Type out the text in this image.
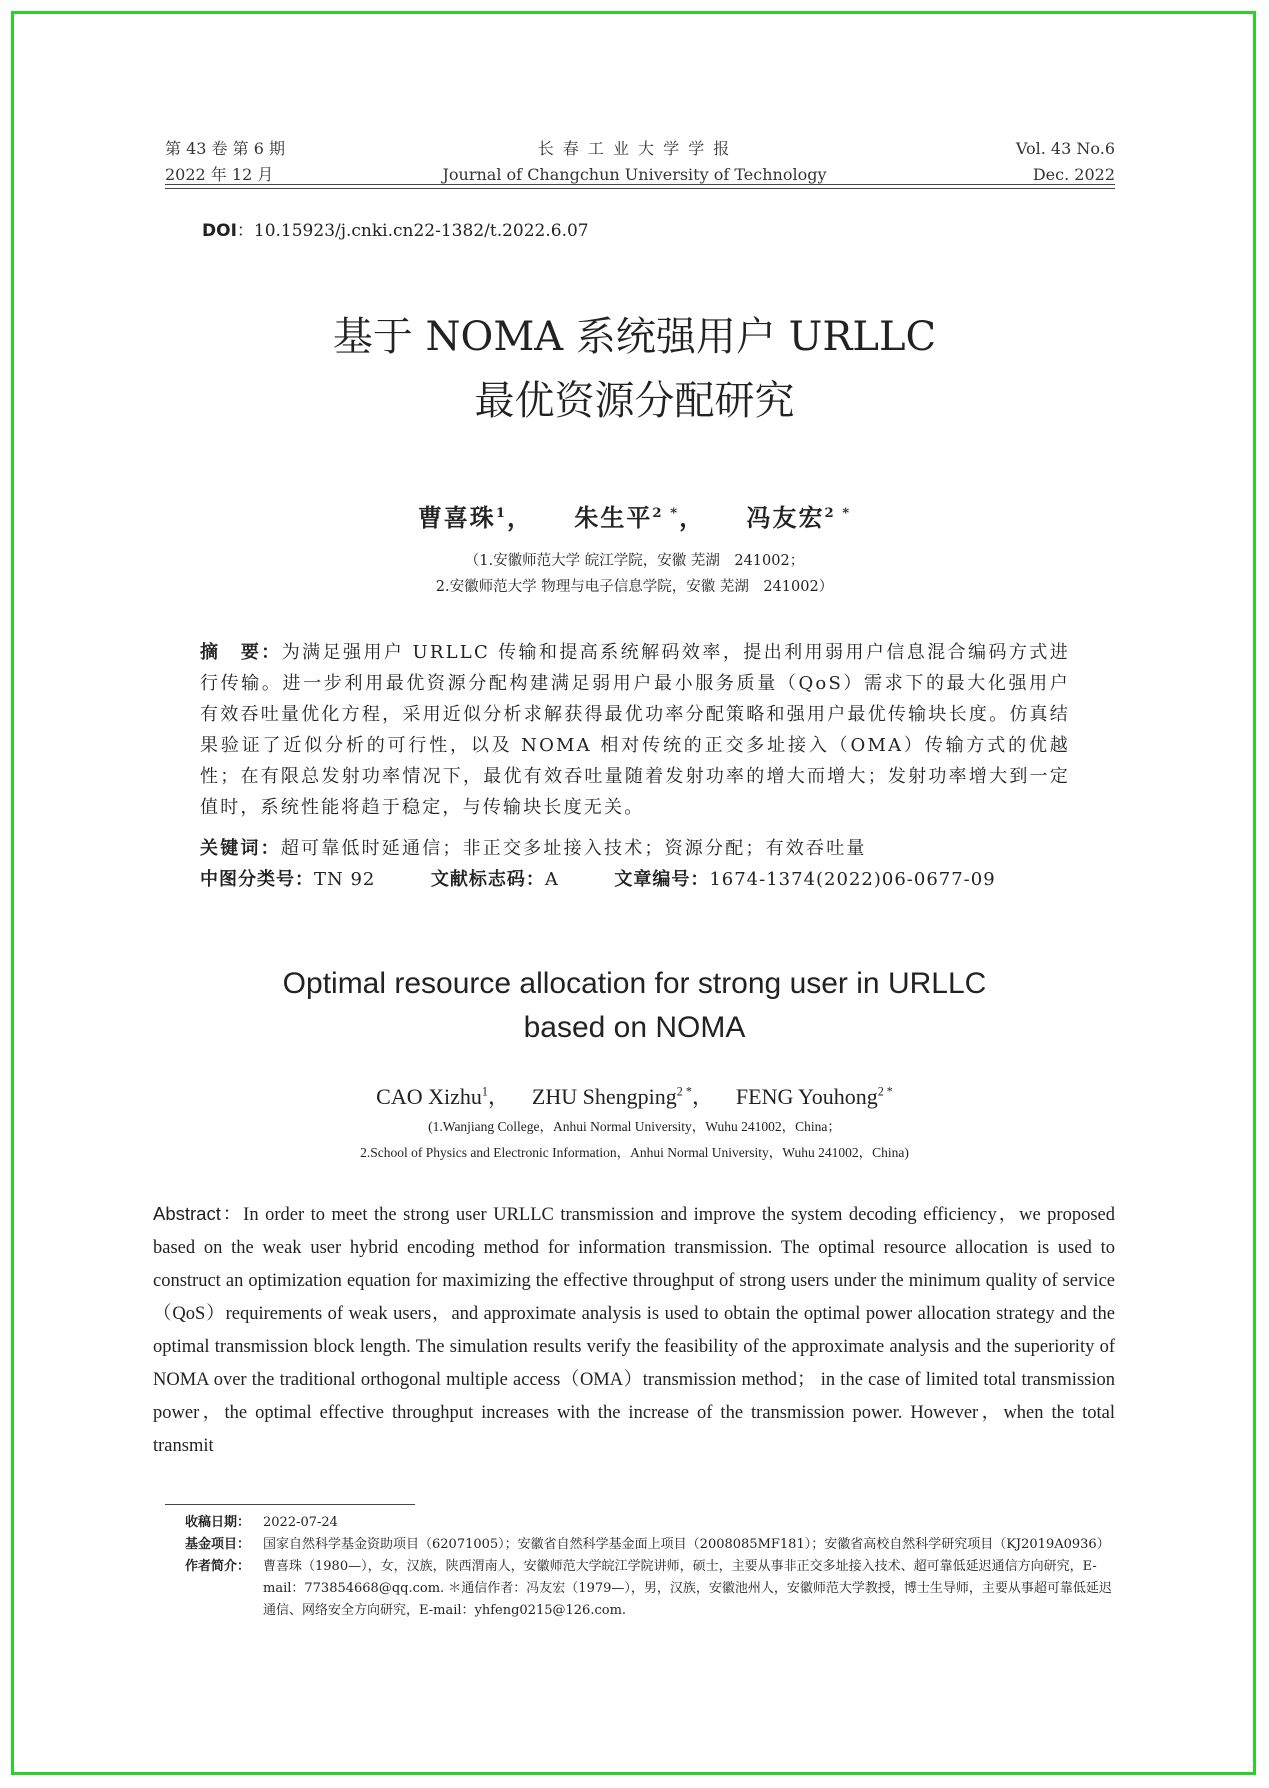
第 43 卷 第 6 期
2022 年 12 月
长 春 工 业 大 学 学 报
Journal of Changchun University of Technology
Vol. 43 No.6
Dec. 2022
DOI：10.15923/j.cnki.cn22-1382/t.2022.6.07
基于 NOMA 系统强用户 URLLC
最优资源分配研究
曹喜珠$^1$， 朱生平$^{2 *}$， 冯友宏$^{2 *}$
（1.安徽师范大学 皖江学院，安徽 芜湖　241002；
2.安徽师范大学 物理与电子信息学院，安徽 芜湖　241002）
摘　要：为满足强用户 URLLC 传输和提高系统解码效率，提出利用弱用户信息混合编码方式进行传输。进一步利用最优资源分配构建满足弱用户最小服务质量（QoS）需求下的最大化强用户有效吞吐量优化方程，采用近似分析求解获得最优功率分配策略和强用户最优传输块长度。仿真结果验证了近似分析的可行性，以及 NOMA 相对传统的正交多址接入（OMA）传输方式的优越性；在有限总发射功率情况下，最优有效吞吐量随着发射功率的增大而增大；发射功率增大到一定值时，系统性能将趋于稳定，与传输块长度无关。
关键词：超可靠低时延通信；非正交多址接入技术；资源分配；有效吞吐量
中图分类号：TN 92	文献标志码：A	文章编号：1674-1374(2022)06-0677-09
Optimal resource allocation for strong user in URLLC
based on NOMA
CAO Xizhu$^1$， ZHU Shengping$^{2 *}$， FENG Youhong$^{2 *}$
(1.Wanjiang College，Anhui Normal University，Wuhu 241002，China；
2.School of Physics and Electronic Information，Anhui Normal University，Wuhu 241002，China)
Abstract：In order to meet the strong user URLLC transmission and improve the system decoding efficiency，we proposed based on the weak user hybrid encoding method for information transmission. The optimal resource allocation is used to construct an optimization equation for maximizing the effective throughput of strong users under the minimum quality of service（QoS）requirements of weak users，and approximate analysis is used to obtain the optimal power allocation strategy and the optimal transmission block length. The simulation results verify the feasibility of the approximate analysis and the superiority of NOMA over the traditional orthogonal multiple access（OMA）transmission method； in the case of limited total transmission power，the optimal effective throughput increases with the increase of the transmission power. However，when the total transmit
收稿日期： 2022-07-24
基金项目： 国家自然科学基金资助项目（62071005）；安徽省自然科学基金面上项目（2008085MF181）；安徽省高校自然科学研究项目（KJ2019A0936）
作者简介： 曹喜珠（1980—），女，汉族，陕西渭南人，安徽师范大学皖江学院讲师，硕士，主要从事非正交多址接入技术、超可靠低延迟通信方向研究，E-mail：773854668@qq.com. ＊通信作者：冯友宏（1979—），男，汉族，安徽池州人，安徽师范大学教授，博士生导师，主要从事超可靠低延迟通信、网络安全方向研究，E-mail：yhfeng0215@126.com.
